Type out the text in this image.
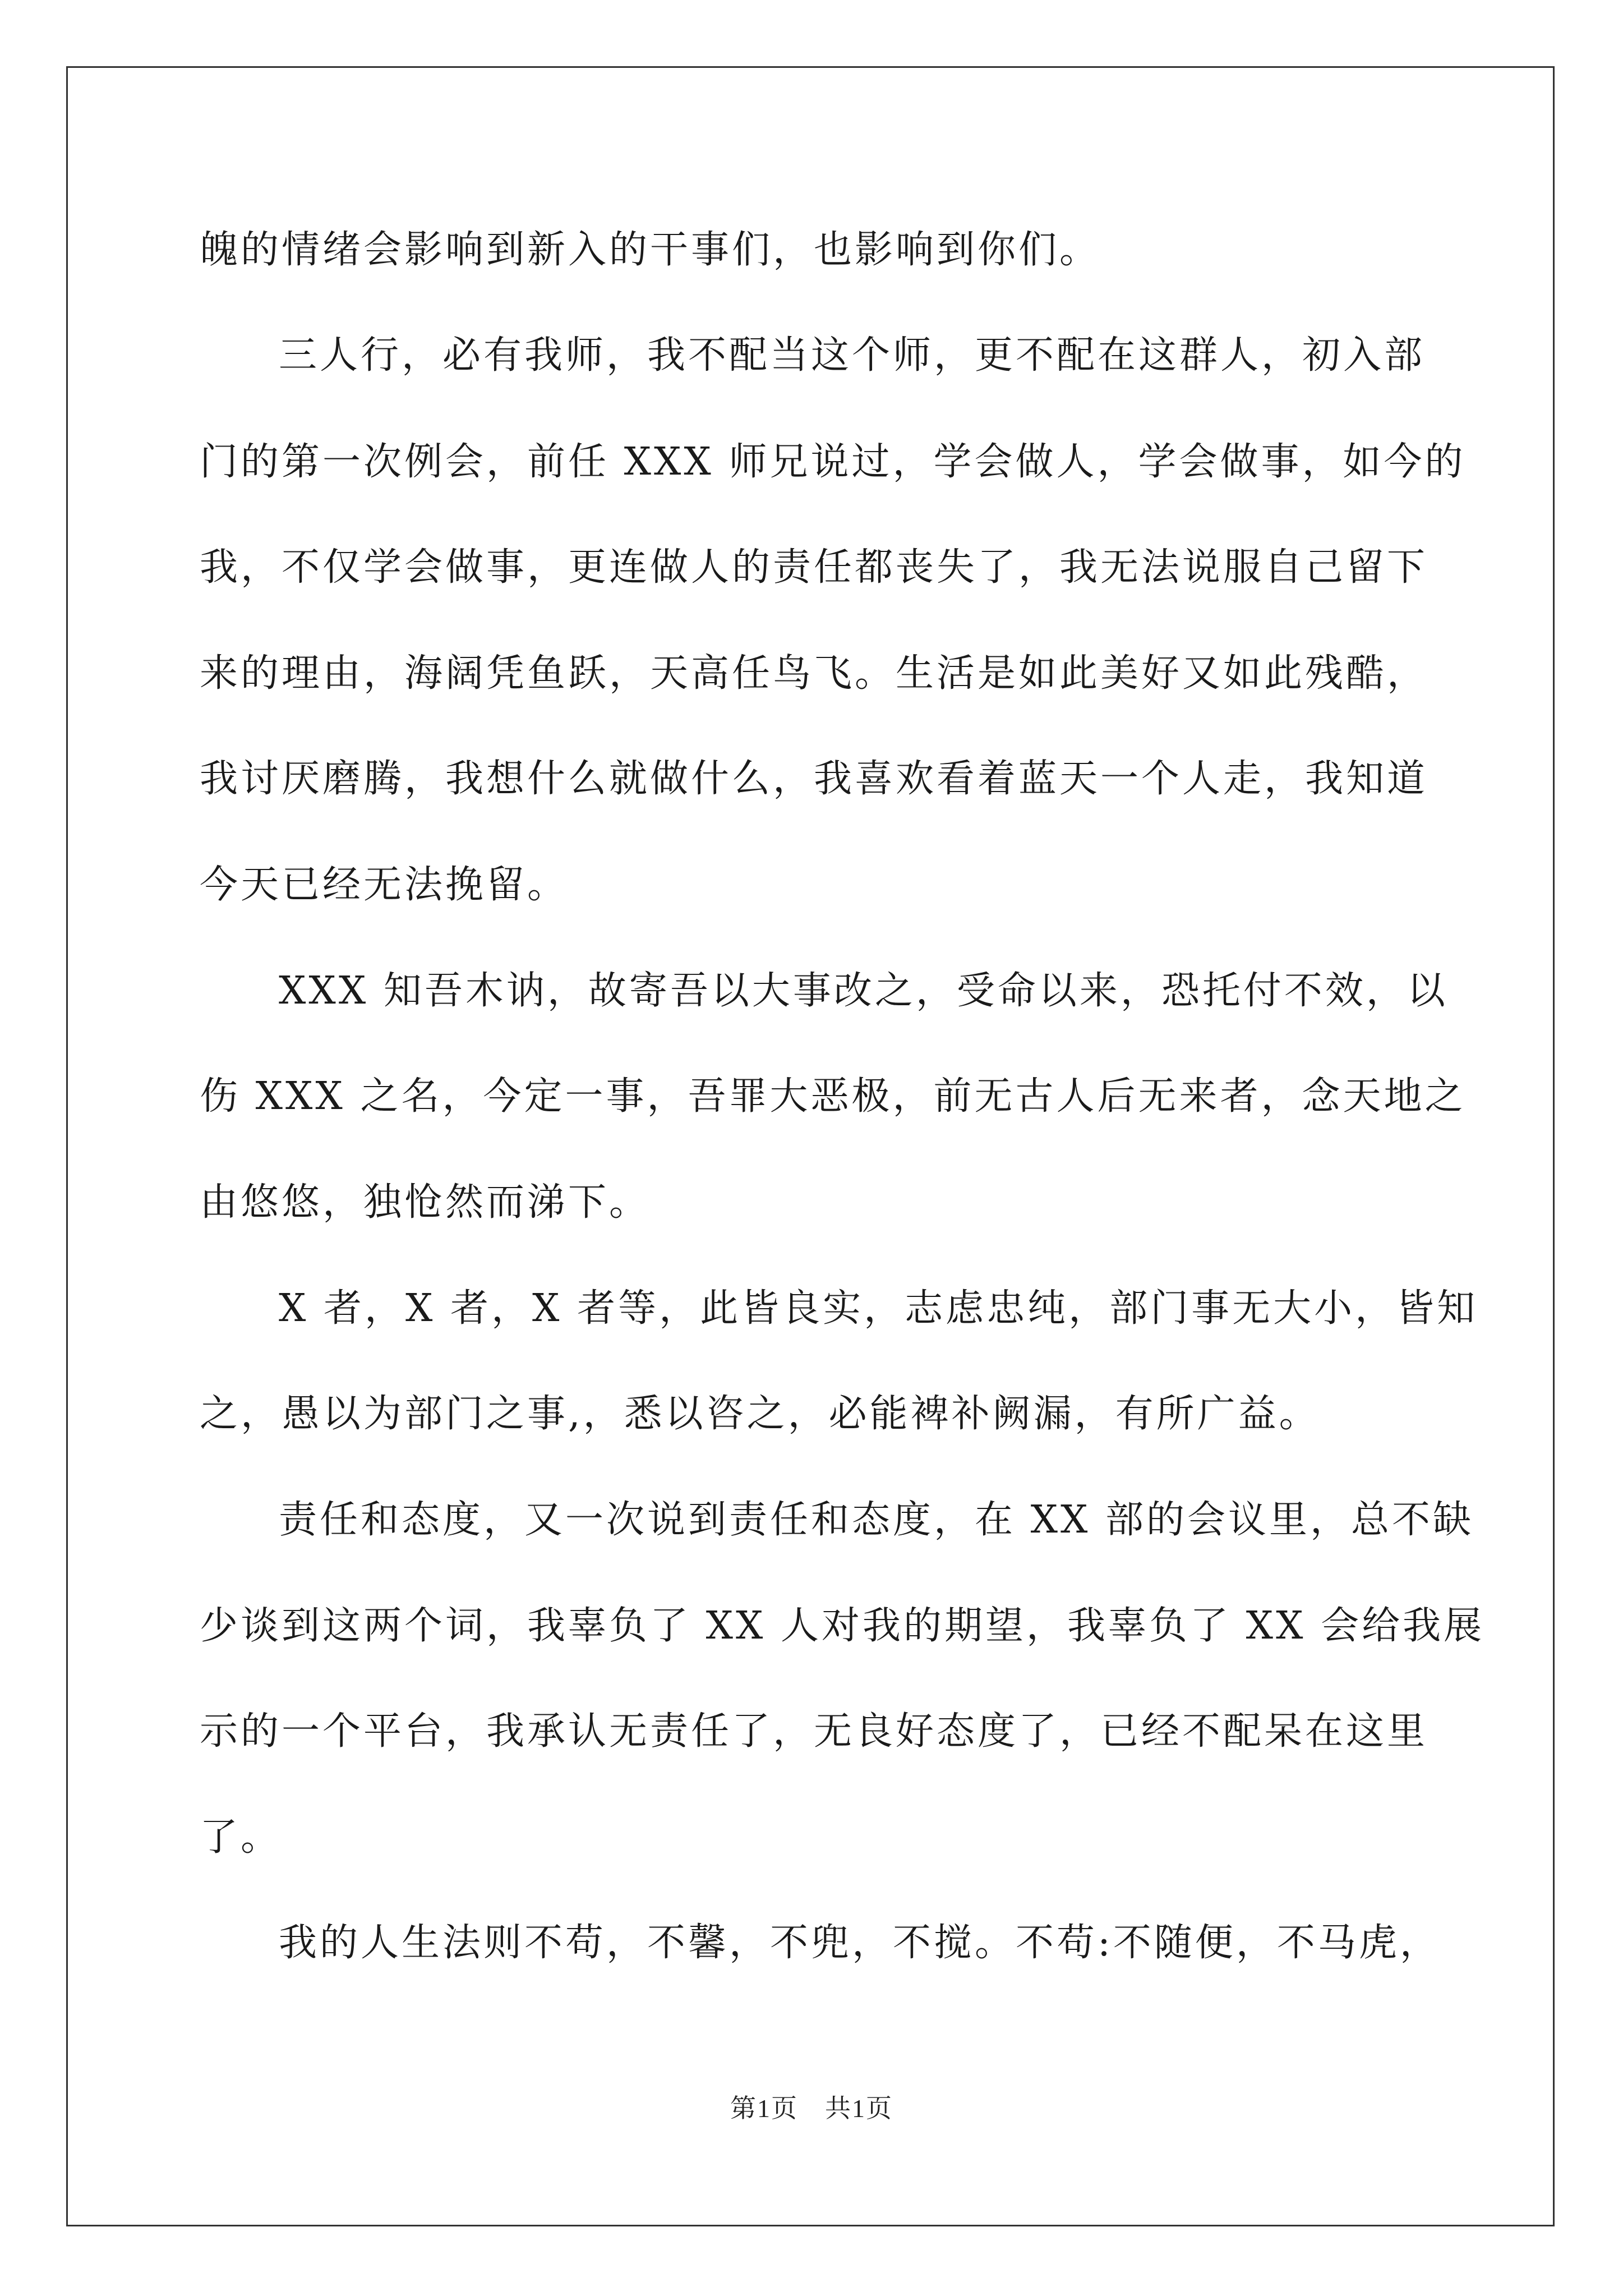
魄的情绪会影响到新入的干事们，也影响到你们。
三人行，必有我师，我不配当这个师，更不配在这群人，初入部
门的第一次例会，前任 XXX 师兄说过，学会做人，学会做事，如今的
我，不仅学会做事，更连做人的责任都丧失了，我无法说服自己留下
来的理由，海阔凭鱼跃，天高任鸟飞。生活是如此美好又如此残酷，
我讨厌磨腾，我想什么就做什么，我喜欢看着蓝天一个人走，我知道
今天已经无法挽留。
XXX 知吾木讷，故寄吾以大事改之，受命以来，恐托付不效，以
伤 XXX 之名，今定一事，吾罪大恶极，前无古人后无来者，念天地之
由悠悠，独怆然而涕下。
X 者，X 者，X 者等，此皆良实，志虑忠纯，部门事无大小，皆知
之，愚以为部门之事,，悉以咨之，必能裨补阙漏，有所广益。
责任和态度，又一次说到责任和态度，在 XX 部的会议里，总不缺
少谈到这两个词，我辜负了 XX 人对我的期望，我辜负了 XX 会给我展
示的一个平台，我承认无责任了，无良好态度了，已经不配呆在这里
了。
我的人生法则不苟，不馨，不兜，不搅。不苟:不随便，不马虎，
第1页　共1页
